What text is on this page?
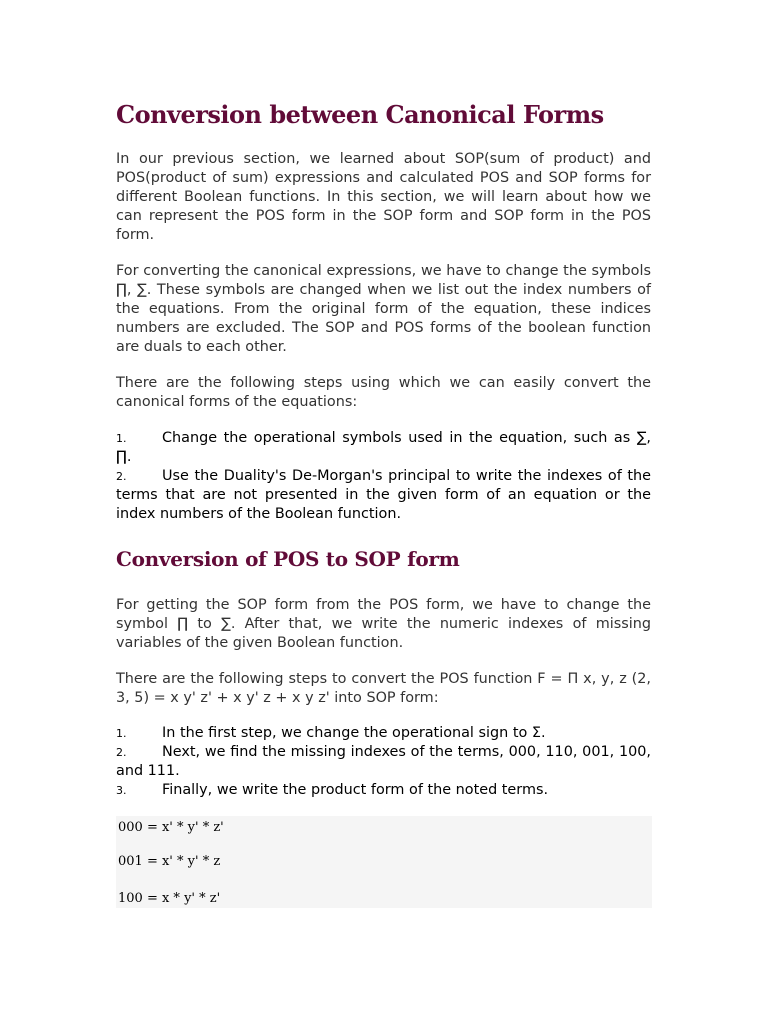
Conversion between Canonical Forms

In our previous section, we learned about SOP(sum of product) and POS(product of sum) expressions and calculated POS and SOP forms for different Boolean functions. In this section, we will learn about how we can represent the POS form in the SOP form and SOP form in the POS form.

For converting the canonical expressions, we have to change the symbols ∏, ∑. These symbols are changed when we list out the index numbers of the equations. From the original form of the equation, these indices numbers are excluded. The SOP and POS forms of the boolean function are duals to each other.

There are the following steps using which we can easily convert the canonical forms of the equations:

1. Change the operational symbols used in the equation, such as ∑, ∏.
2. Use the Duality's De-Morgan's principal to write the indexes of the terms that are not presented in the given form of an equation or the index numbers of the Boolean function.
Conversion of POS to SOP form

For getting the SOP form from the POS form, we have to change the symbol ∏ to ∑. After that, we write the numeric indexes of missing variables of the given Boolean function.

There are the following steps to convert the POS function F = Π x, y, z (2, 3, 5) = x y' z' + x y' z + x y z' into SOP form:

1. In the first step, we change the operational sign to Σ.
2. Next, we find the missing indexes of the terms, 000, 110, 001, 100, and 111.
3. Finally, we write the product form of the noted terms.
000 = x' * y' * z'
001 = x' * y' * z
100 = x * y' * z'
